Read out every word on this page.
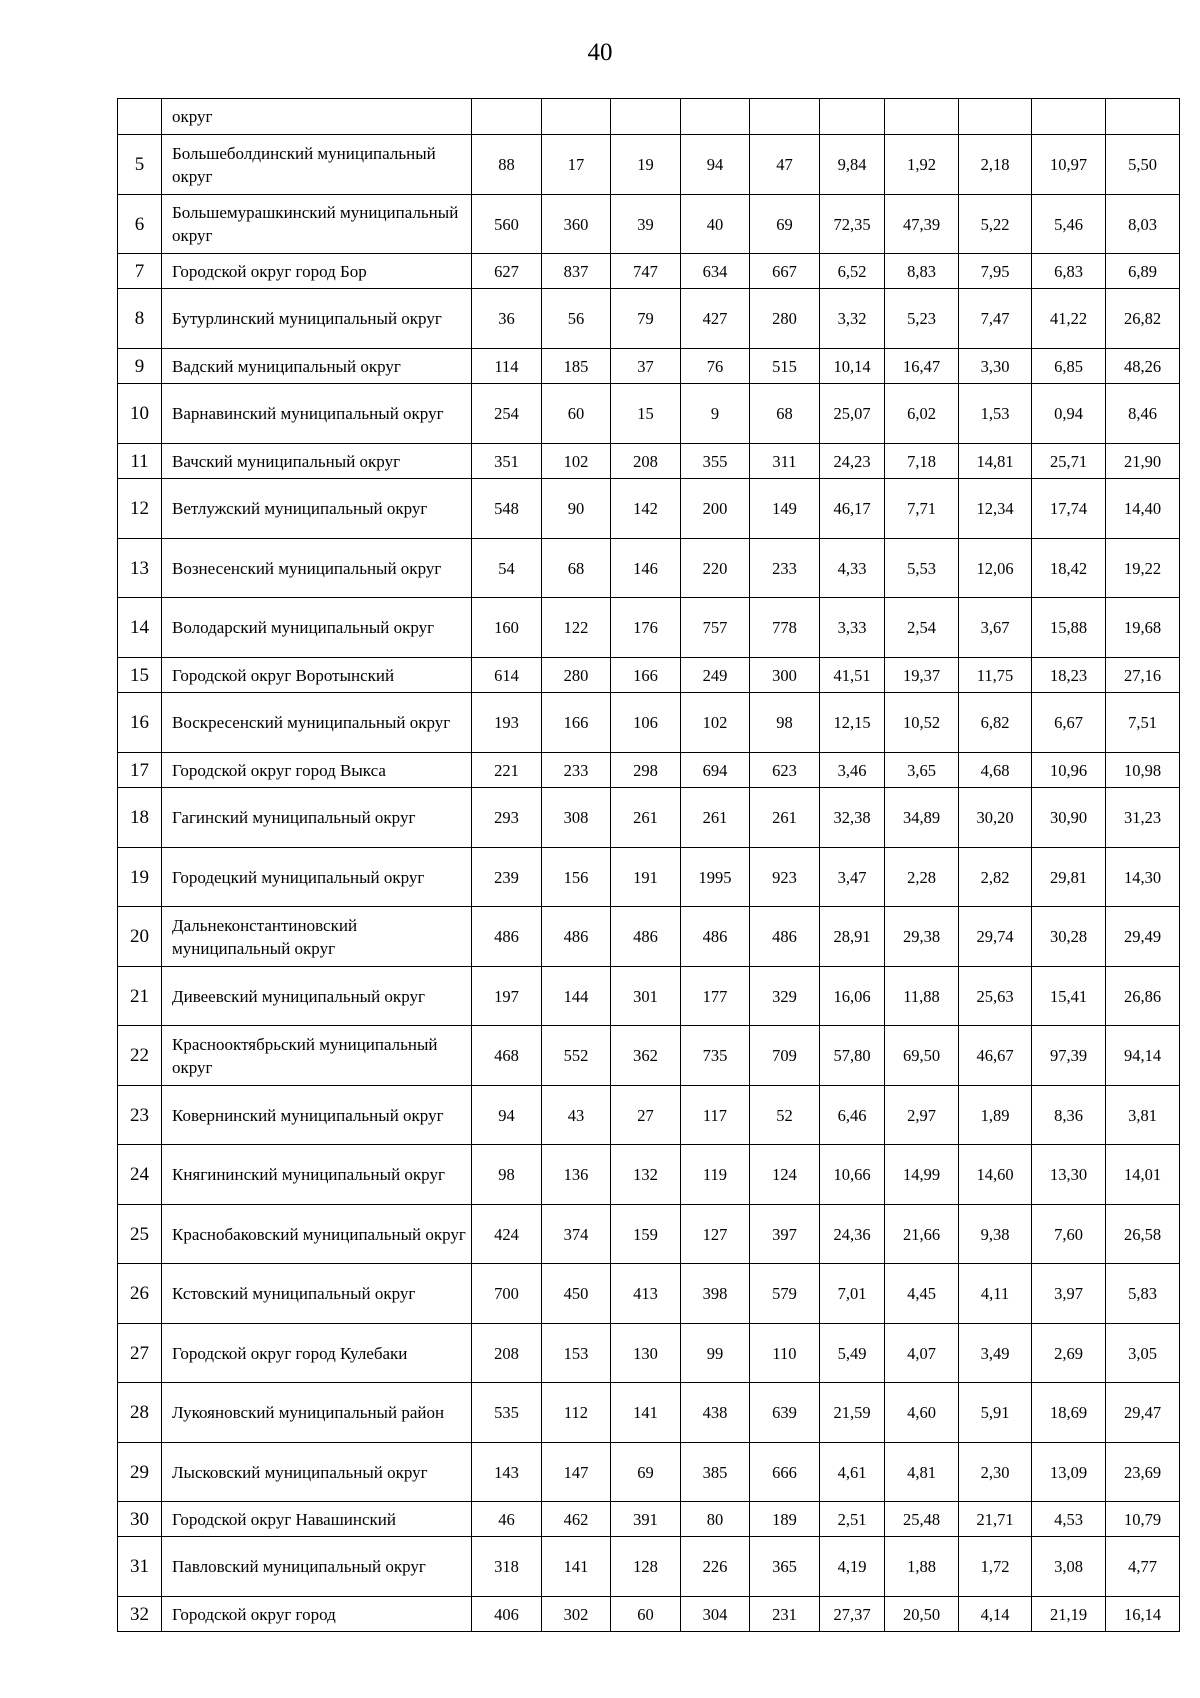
40
	округ										
5	Большеболдинский муниципальный округ	88	17	19	94	47	9,84	1,92	2,18	10,97	5,50
6	Большемурашкинский муниципальный округ	560	360	39	40	69	72,35	47,39	5,22	5,46	8,03
7	Городской округ город Бор	627	837	747	634	667	6,52	8,83	7,95	6,83	6,89
8	Бутурлинский муниципальный округ	36	56	79	427	280	3,32	5,23	7,47	41,22	26,82
9	Вадский муниципальный округ	114	185	37	76	515	10,14	16,47	3,30	6,85	48,26
10	Варнавинский муниципальный округ	254	60	15	9	68	25,07	6,02	1,53	0,94	8,46
11	Вачский муниципальный округ	351	102	208	355	311	24,23	7,18	14,81	25,71	21,90
12	Ветлужский муниципальный округ	548	90	142	200	149	46,17	7,71	12,34	17,74	14,40
13	Вознесенский муниципальный округ	54	68	146	220	233	4,33	5,53	12,06	18,42	19,22
14	Володарский муниципальный округ	160	122	176	757	778	3,33	2,54	3,67	15,88	19,68
15	Городской округ Воротынский	614	280	166	249	300	41,51	19,37	11,75	18,23	27,16
16	Воскресенский муниципальный округ	193	166	106	102	98	12,15	10,52	6,82	6,67	7,51
17	Городской округ город Выкса	221	233	298	694	623	3,46	3,65	4,68	10,96	10,98
18	Гагинский муниципальный округ	293	308	261	261	261	32,38	34,89	30,20	30,90	31,23
19	Городецкий муниципальный округ	239	156	191	1995	923	3,47	2,28	2,82	29,81	14,30
20	Дальнеконстантиновский муниципальный округ	486	486	486	486	486	28,91	29,38	29,74	30,28	29,49
21	Дивеевский муниципальный округ	197	144	301	177	329	16,06	11,88	25,63	15,41	26,86
22	Краснооктябрьский муниципальный округ	468	552	362	735	709	57,80	69,50	46,67	97,39	94,14
23	Ковернинский муниципальный округ	94	43	27	117	52	6,46	2,97	1,89	8,36	3,81
24	Княгининский муниципальный округ	98	136	132	119	124	10,66	14,99	14,60	13,30	14,01
25	Краснобаковский муниципальный округ	424	374	159	127	397	24,36	21,66	9,38	7,60	26,58
26	Кстовский муниципальный округ	700	450	413	398	579	7,01	4,45	4,11	3,97	5,83
27	Городской округ город Кулебаки	208	153	130	99	110	5,49	4,07	3,49	2,69	3,05
28	Лукояновский муниципальный район	535	112	141	438	639	21,59	4,60	5,91	18,69	29,47
29	Лысковский муниципальный округ	143	147	69	385	666	4,61	4,81	2,30	13,09	23,69
30	Городской округ Навашинский	46	462	391	80	189	2,51	25,48	21,71	4,53	10,79
31	Павловский муниципальный округ	318	141	128	226	365	4,19	1,88	1,72	3,08	4,77
32	Городской округ город	406	302	60	304	231	27,37	20,50	4,14	21,19	16,14
